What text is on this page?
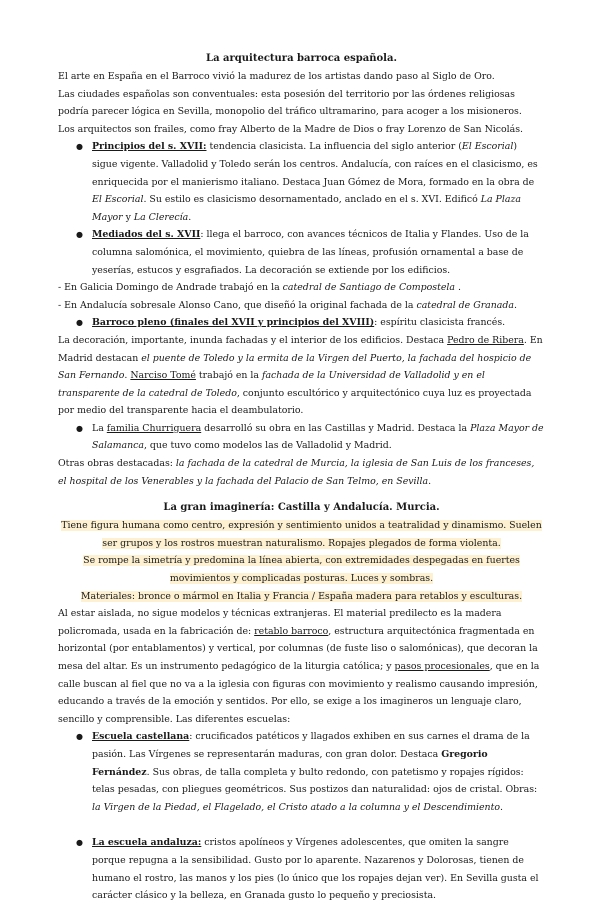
La arquitectura barroca española.

El arte en España en el Barroco vivió la madurez de los artistas dando paso al Siglo de Oro.

Las ciudades españolas son conventuales: esta posesión del territorio por las órdenes religiosas podría parecer lógica en Sevilla, monopolio del tráfico ultramarino, para acoger a los misioneros.

Los arquitectos son frailes, como fray Alberto de la Madre de Dios o fray Lorenzo de San Nicolás.

● Principios del s. XVII: tendencia clasicista. La influencia del siglo anterior (El Escorial) sigue vigente. Valladolid y Toledo serán los centros. Andalucía, con raíces en el clasicismo, es enriquecida por el manierismo italiano. Destaca Juan Gómez de Mora, formado en la obra de El Escorial. Su estilo es clasicismo desornamentado, anclado en el s. XVI. Edificó La Plaza Mayor y La Clerecía.

● Mediados del s. XVII: llega el barroco, con avances técnicos de Italia y Flandes. Uso de la columna salomónica, el movimiento, quiebra de las líneas, profusión ornamental a base de yeserías, estucos y esgrafiados. La decoración se extiende por los edificios.

- En Galicia Domingo de Andrade trabajó en la catedral de Santiago de Compostela .

- En Andalucía sobresale Alonso Cano, que diseñó la original fachada de la catedral de Granada.

● Barroco pleno (finales del XVII y principios del XVIII): espíritu clasicista francés.

La decoración, importante, inunda fachadas y el interior de los edificios. Destaca Pedro de Ribera. En Madrid destacan el puente de Toledo y la ermita de la Virgen del Puerto, la fachada del hospicio de San Fernando. Narciso Tomé trabajó en la fachada de la Universidad de Valladolid y en el transparente de la catedral de Toledo, conjunto escultórico y arquitectónico cuya luz es proyectada por medio del transparente hacia el deambulatorio.

● La familia Churriguera desarrolló su obra en las Castillas y Madrid. Destaca la Plaza Mayor de Salamanca, que tuvo como modelos las de Valladolid y Madrid.

Otras obras destacadas: la fachada de la catedral de Murcia, la iglesia de San Luis de los franceses, el hospital de los Venerables y la fachada del Palacio de San Telmo, en Sevilla.

La gran imaginería: Castilla y Andalucía. Murcia.

Tiene figura humana como centro, expresión y sentimiento unidos a teatralidad y dinamismo. Suelen ser grupos y los rostros muestran naturalismo. Ropajes plegados de forma violenta.

Se rompe la simetría y predomina la línea abierta, con extremidades despegadas en fuertes movimientos y complicadas posturas. Luces y sombras.

Materiales: bronce o mármol en Italia y Francia / España madera para retablos y esculturas.

Al estar aislada, no sigue modelos y técnicas extranjeras. El material predilecto es la madera policromada, usada en la fabricación de: retablo barroco, estructura arquitectónica fragmentada en horizontal (por entablamentos) y vertical, por columnas (de fuste liso o salomónicas), que decoran la mesa del altar. Es un instrumento pedagógico de la liturgia católica; y pasos procesionales, que en la calle buscan al fiel que no va a la iglesia con figuras con movimiento y realismo causando impresión, educando a través de la emoción y sentidos. Por ello, se exige a los imagineros un lenguaje claro, sencillo y comprensible. Las diferentes escuelas:

● Escuela castellana: crucificados patéticos y llagados exhiben en sus carnes el drama de la pasión. Las Vírgenes se representarán maduras, con gran dolor. Destaca Gregorio Fernández. Sus obras, de talla completa y bulto redondo, con patetismo y ropajes rígidos: telas pesadas, con pliegues geométricos. Sus postizos dan naturalidad: ojos de cristal. Obras: la Virgen de la Piedad, el Flagelado, el Cristo atado a la columna y el Descendimiento.

● La escuela andaluza: cristos apolíneos y Vírgenes adolescentes, que omiten la sangre porque repugna a la sensibilidad. Gusto por lo aparente. Nazarenos y Dolorosas, tienen de humano el rostro, las manos y los pies (lo único que los ropajes dejan ver). En Sevilla gusta el carácter clásico y la belleza, en Granada gusto lo pequeño y preciosista.
